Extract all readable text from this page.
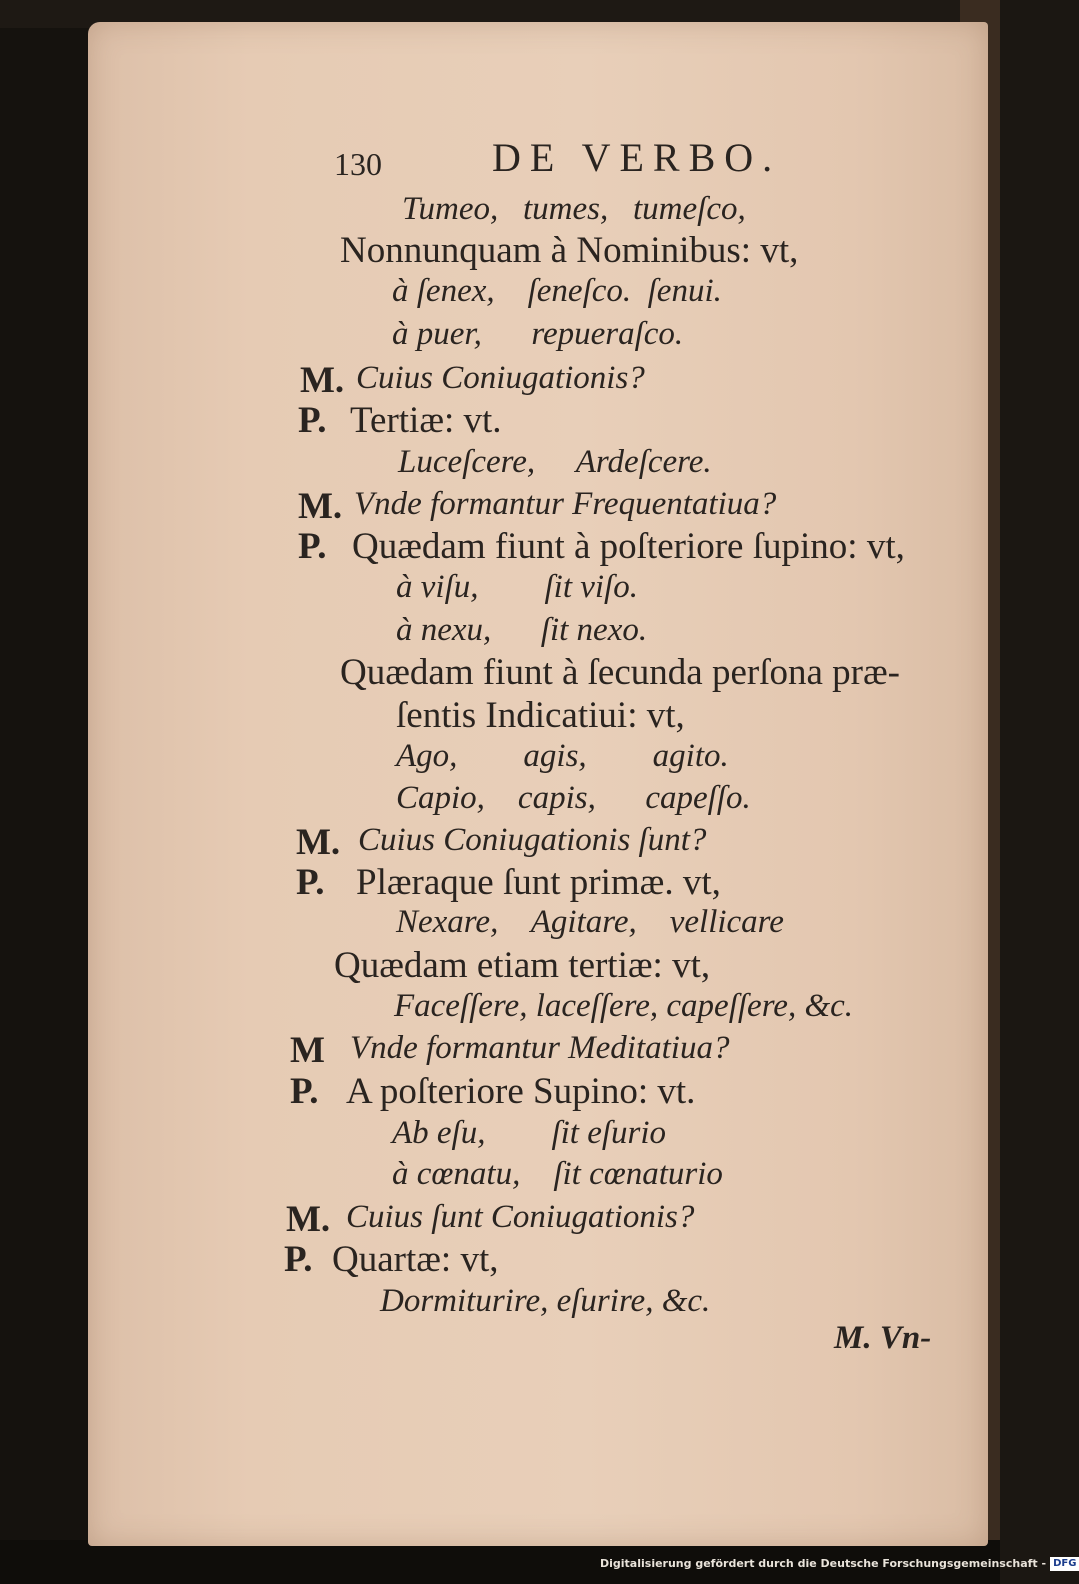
130	DE VERBO.
Tumeo,   tumes,   tumeſco,
Nonnunquam à Nominibus: vt,
à ſenex,    ſeneſco.  ſenui.
à puer,      repueraſco.
M. Cuius Coniugationis?
P. Tertiæ: vt.
Luceſcere,     Ardeſcere.
M. Vnde formantur Frequentatiua?
P. Quædam fiunt à poſteriore ſupino: vt,
à viſu,        ſit viſo.
à nexu,      ſit nexo.
Quædam fiunt à ſecunda perſona præ-
ſentis Indicatiui: vt,
Ago,        agis,        agito.
Capio,    capis,      capeſſo.
M. Cuius Coniugationis ſunt?
P. Plæraque ſunt primæ. vt,
Nexare,    Agitare,    vellicare
Quædam etiam tertiæ: vt,
Faceſſere, laceſſere, capeſſere, &c.
M Vnde formantur Meditatiua?
P. A poſteriore Supino: vt.
Ab eſu,        ſit eſurio
à cœnatu,    ſit cœnaturio
M. Cuius ſunt Coniugationis?
P. Quartæ: vt,
Dormiturire, eſurire, &c.
M. Vn-
Digitalisierung gefördert durch die Deutsche Forschungsgemeinschaft - DFG
